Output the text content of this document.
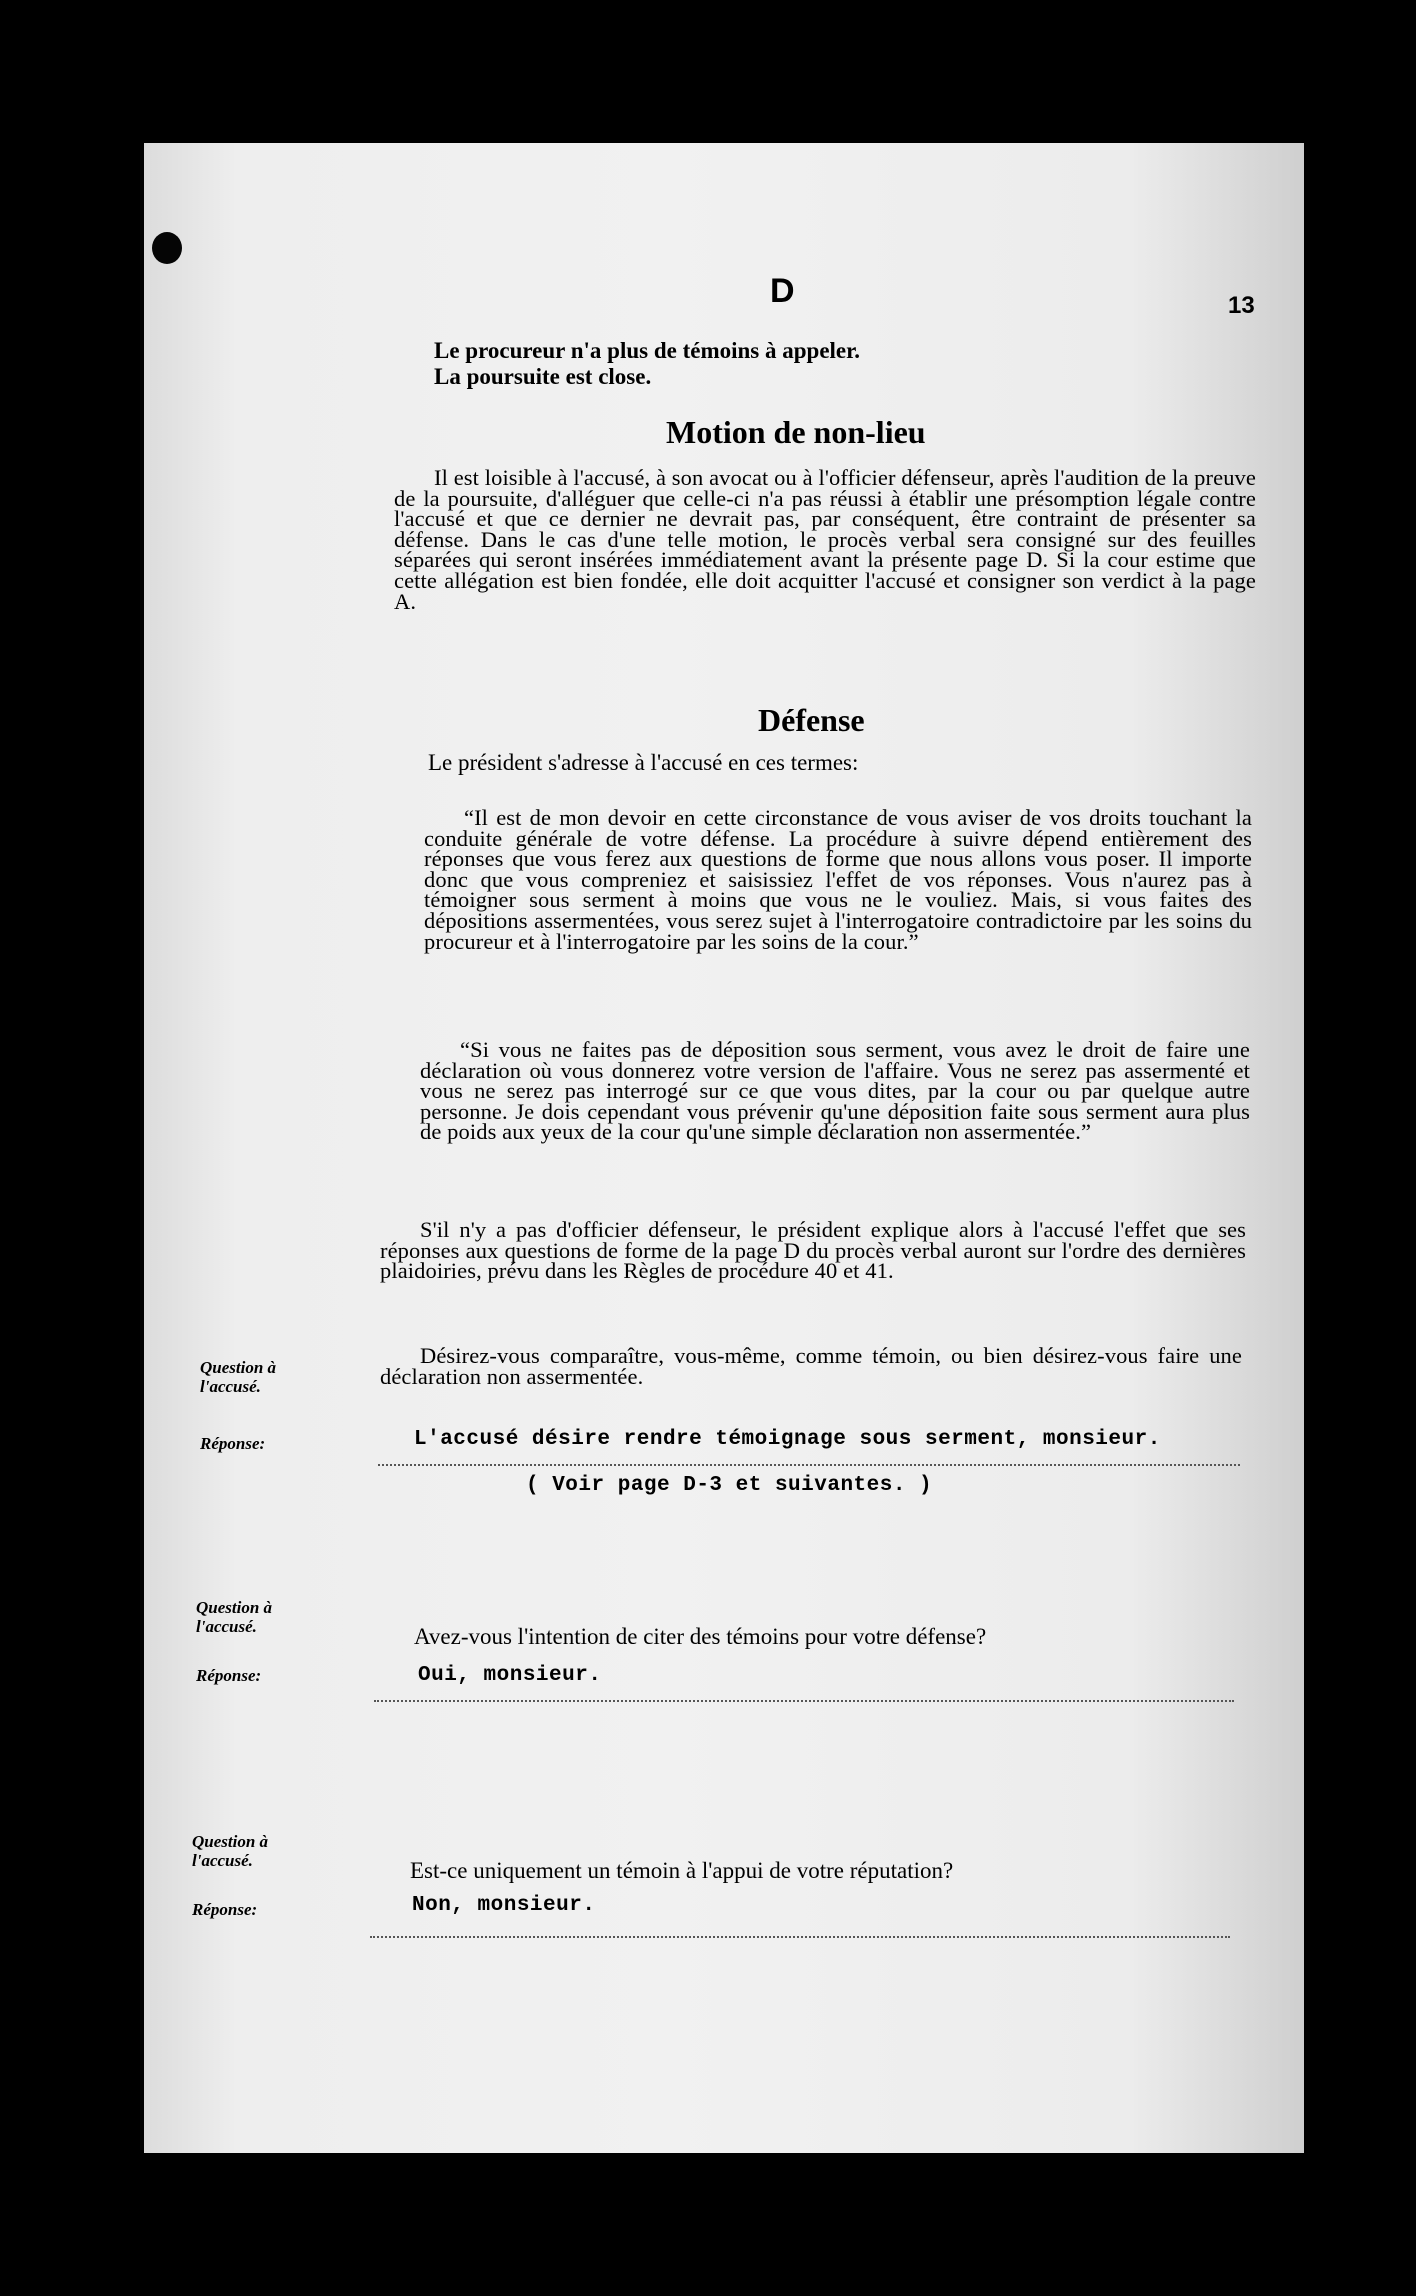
D	13
Le procureur n'a plus de témoins à appeler.
La poursuite est close.
Motion de non-lieu
Il est loisible à l'accusé, à son avocat ou à l'officier défenseur, après l'audition de la preuve de la poursuite, d'alléguer que celle-ci n'a pas réussi à établir une présomption légale contre l'accusé et que ce dernier ne devrait pas, par conséquent, être contraint de présenter sa défense. Dans le cas d'une telle motion, le procès verbal sera consigné sur des feuilles séparées qui seront insérées immédiatement avant la présente page D. Si la cour estime que cette allégation est bien fondée, elle doit acquitter l'accusé et consigner son verdict à la page A.
Défense
Le président s'adresse à l'accusé en ces termes:
“Il est de mon devoir en cette circonstance de vous aviser de vos droits touchant la conduite générale de votre défense. La procédure à suivre dépend entièrement des réponses que vous ferez aux questions de forme que nous allons vous poser. Il importe donc que vous compreniez et saisissiez l'effet de vos réponses. Vous n'aurez pas à témoigner sous serment à moins que vous ne le vouliez. Mais, si vous faites des dépositions assermentées, vous serez sujet à l'interrogatoire contradictoire par les soins du procureur et à l'interrogatoire par les soins de la cour.”
“Si vous ne faites pas de déposition sous serment, vous avez le droit de faire une déclaration où vous donnerez votre version de l'affaire. Vous ne serez pas assermenté et vous ne serez pas interrogé sur ce que vous dites, par la cour ou par quelque autre personne. Je dois cependant vous prévenir qu'une déposition faite sous serment aura plus de poids aux yeux de la cour qu'une simple déclaration non assermentée.”
S'il n'y a pas d'officier défenseur, le président explique alors à l'accusé l'effet que ses réponses aux questions de forme de la page D du procès verbal auront sur l'ordre des dernières plaidoiries, prévu dans les Règles de procédure 40 et 41.
Question à
l'accusé.
Désirez-vous comparaître, vous-même, comme témoin, ou bien désirez-vous faire une déclaration non assermentée.
Réponse:	L'accusé désire rendre témoignage sous serment, monsieur.
( Voir page D-3 et suivantes. )
Question à
l'accusé.	Avez-vous l'intention de citer des témoins pour votre défense?
Réponse:	Oui, monsieur.
Question à
l'accusé.	Est-ce uniquement un témoin à l'appui de votre réputation?
Réponse:	Non, monsieur.
